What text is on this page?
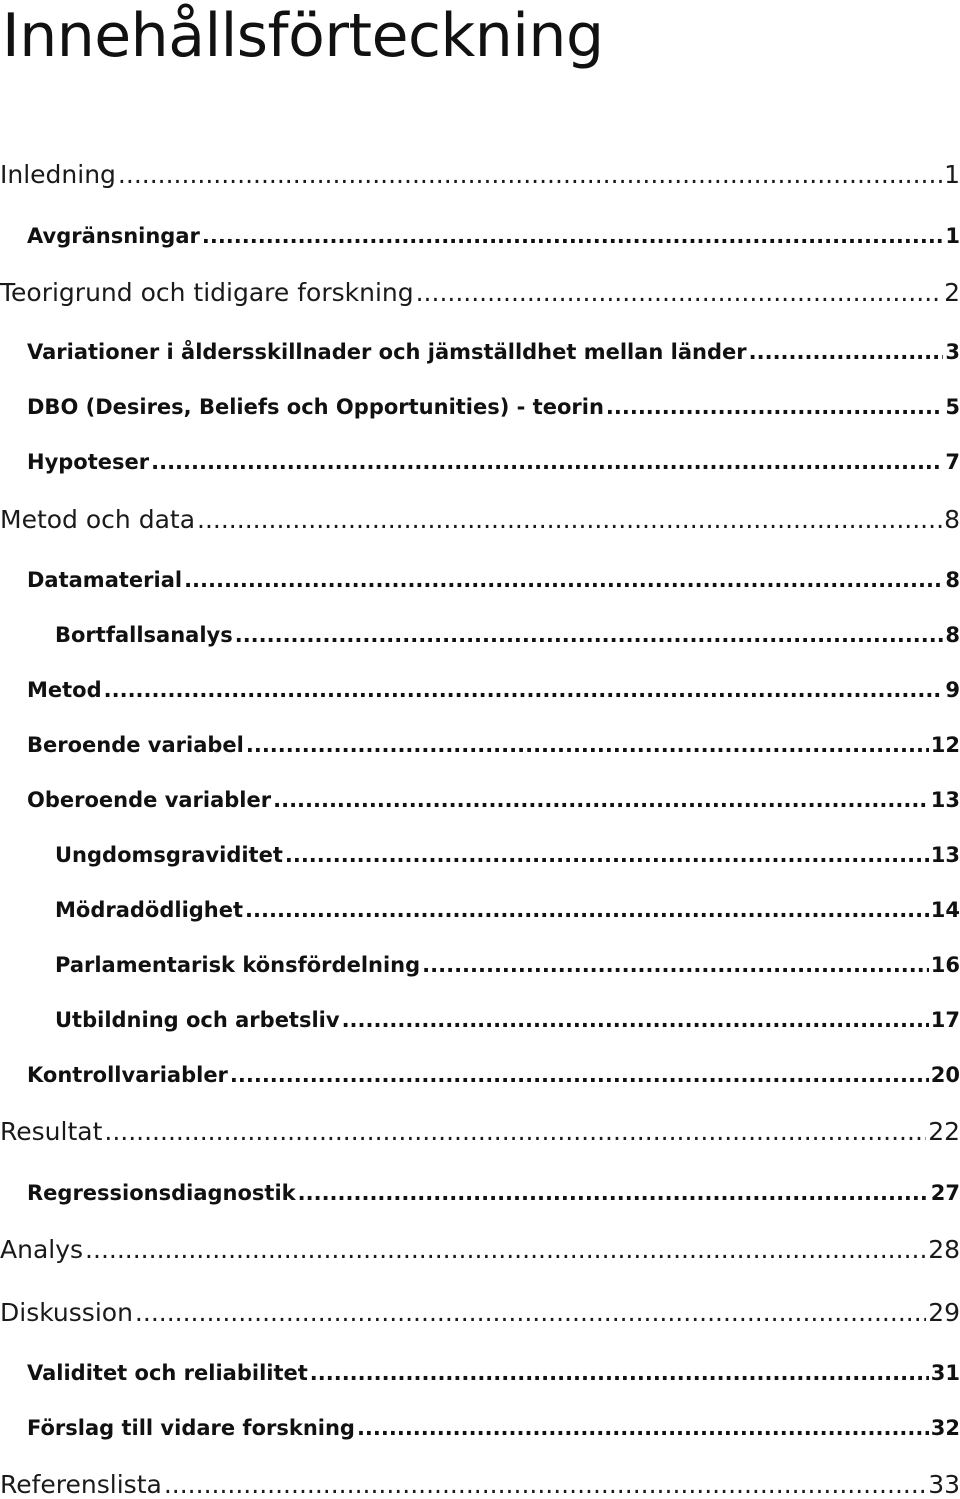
Innehållsförteckning
Inledning .....	1
Avgränsningar .....	1
Teorigrund och tidigare forskning .....	2
Variationer i åldersskillnader och jämställdhet mellan länder .....	3
DBO (Desires, Beliefs och Opportunities) - teorin .....	5
Hypoteser .....	7
Metod och data .....	8
Datamaterial .....	8
Bortfallsanalys .....	8
Metod .....	9
Beroende variabel .....	12
Oberoende variabler .....	13
Ungdomsgraviditet .....	13
Mödradödlighet .....	14
Parlamentarisk könsfördelning .....	16
Utbildning och arbetsliv .....	17
Kontrollvariabler .....	20
Resultat .....	22
Regressionsdiagnostik .....	27
Analys .....	28
Diskussion .....	29
Validitet och reliabilitet .....	31
Förslag till vidare forskning .....	32
Referenslista .....	33
